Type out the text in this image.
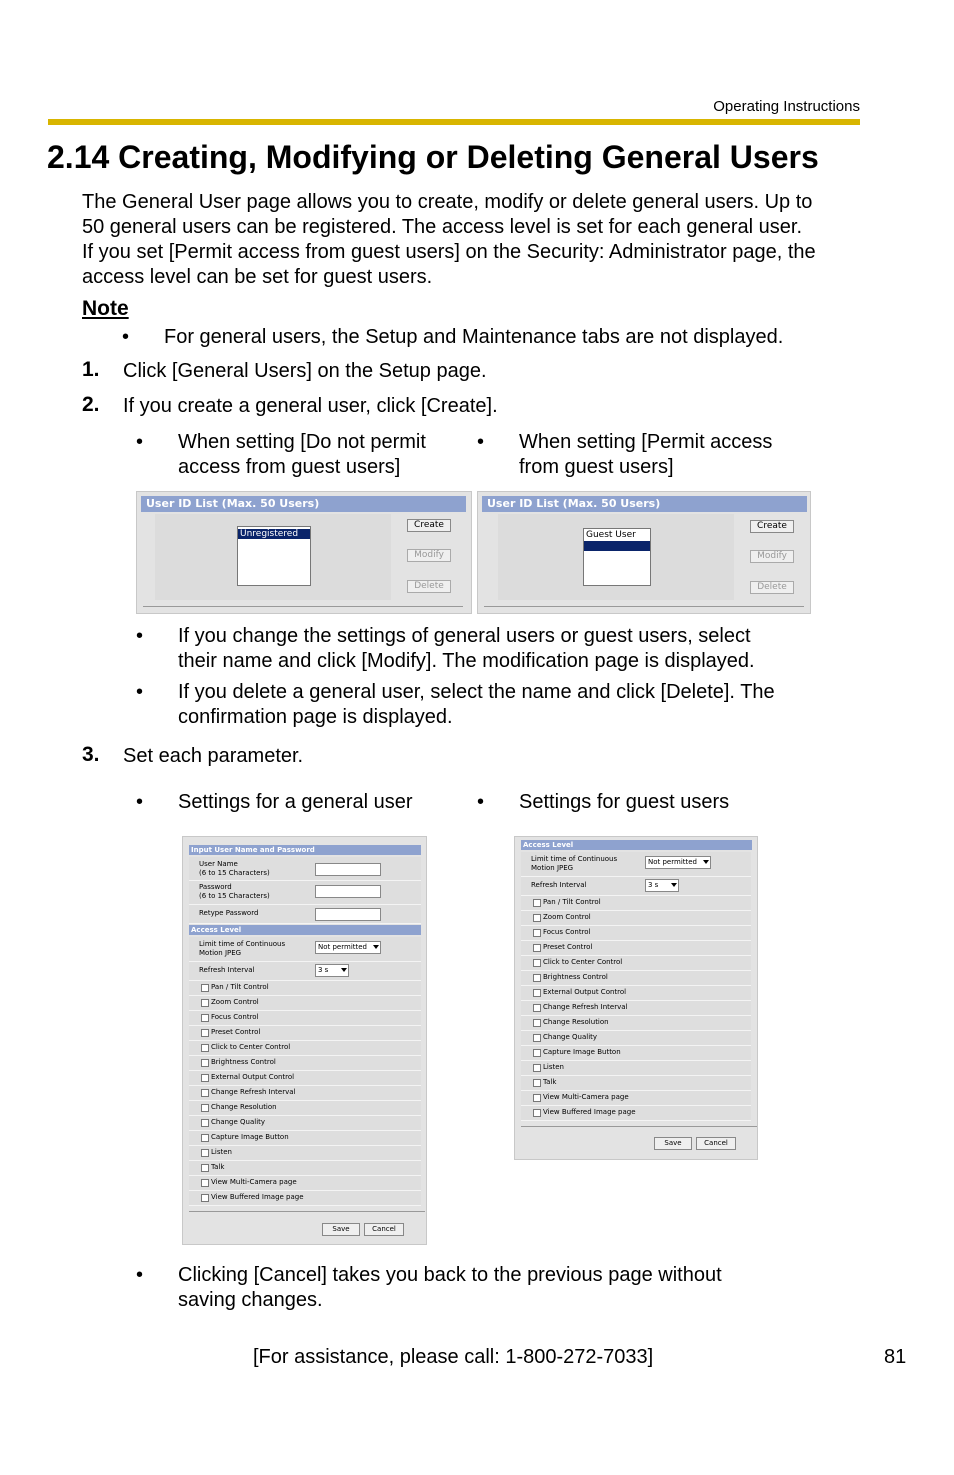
Operating Instructions
2.14 Creating, Modifying or Deleting General Users
The General User page allows you to create, modify or delete general users. Up to
50 general users can be registered. The access level is set for each general user.
If you set [Permit access from guest users] on the Security: Administrator page, the
access level can be set for guest users.
Note
• For general users, the Setup and Maintenance tabs are not displayed.
1. Click [General Users] on the Setup page.
2. If you create a general user, click [Create].
• When setting [Do not permit
access from guest users]
• When setting [Permit access
from guest users]
User ID List (Max. 50 Users)
Unregistered
Create
Modify
Delete
User ID List (Max. 50 Users)
Guest User
Create
Modify
Delete
• If you change the settings of general users or guest users, select
their name and click [Modify]. The modification page is displayed.
• If you delete a general user, select the name and click [Delete]. The
confirmation page is displayed.
3. Set each parameter.
• Settings for a general user	• Settings for guest users
Input User Name and Password
User Name
(6 to 15 Characters)
Password
(6 to 15 Characters)
Retype Password
Access Level
Limit time of Continuous
Motion JPEG
Not permitted
Refresh Interval	3 s
Pan / Tilt Control
Zoom Control
Focus Control
Preset Control
Click to Center Control
Brightness Control
External Output Control
Change Refresh Interval
Change Resolution
Change Quality
Capture Image Button
Listen
Talk
View Multi-Camera page
View Buffered Image page
Save	Cancel
Access Level
Limit time of Continuous
Motion JPEG
Not permitted
Refresh Interval	3 s
Pan / Tilt Control
Zoom Control
Focus Control
Preset Control
Click to Center Control
Brightness Control
External Output Control
Change Refresh Interval
Change Resolution
Change Quality
Capture Image Button
Listen
Talk
View Multi-Camera page
View Buffered Image page
Save	Cancel
• Clicking [Cancel] takes you back to the previous page without
saving changes.
[For assistance, please call: 1-800-272-7033]	81
